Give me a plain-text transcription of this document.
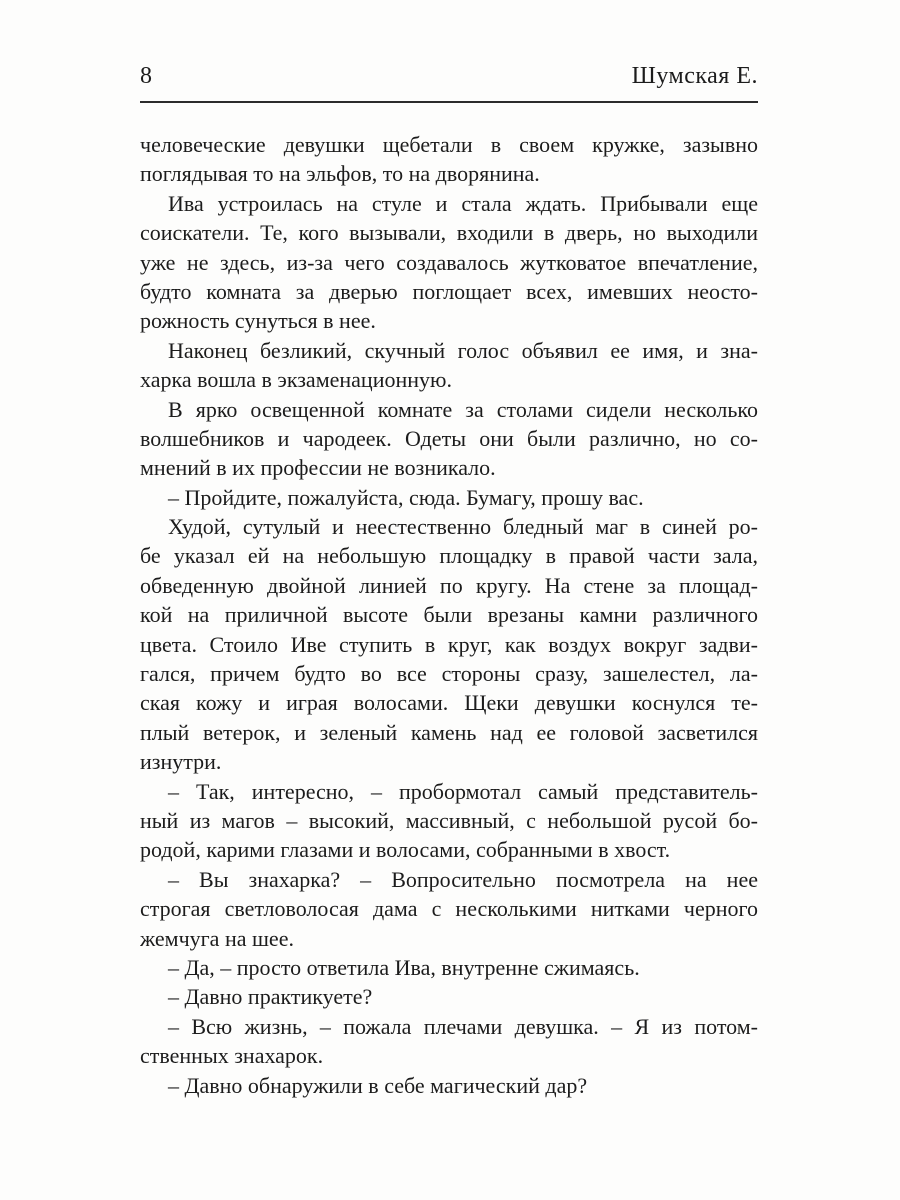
8	Шумская Е.
человеческие девушки щебетали в своем кружке, зазывно
поглядывая то на эльфов, то на дворянина.
Ива устроилась на стуле и стала ждать. Прибывали еще
соискатели. Те, кого вызывали, входили в дверь, но выходили
уже не здесь, из-за чего создавалось жутковатое впечатление,
будто комната за дверью поглощает всех, имевших неосто-
рожность сунуться в нее.
Наконец безликий, скучный голос объявил ее имя, и зна-
харка вошла в экзаменационную.
В ярко освещенной комнате за столами сидели несколько
волшебников и чародеек. Одеты они были различно, но со-
мнений в их профессии не возникало.
– Пройдите, пожалуйста, сюда. Бумагу, прошу вас.
Худой, сутулый и неестественно бледный маг в синей ро-
бе указал ей на небольшую площадку в правой части зала,
обведенную двойной линией по кругу. На стене за площад-
кой на приличной высоте были врезаны камни различного
цвета. Стоило Иве ступить в круг, как воздух вокруг задви-
гался, причем будто во все стороны сразу, зашелестел, ла-
ская кожу и играя волосами. Щеки девушки коснулся те-
плый ветерок, и зеленый камень над ее головой засветился
изнутри.
– Так, интересно, – пробормотал самый представитель-
ный из магов – высокий, массивный, с небольшой русой бо-
родой, карими глазами и волосами, собранными в хвост.
– Вы знахарка? – Вопросительно посмотрела на нее
строгая светловолосая дама с несколькими нитками черного
жемчуга на шее.
– Да, – просто ответила Ива, внутренне сжимаясь.
– Давно практикуете?
– Всю жизнь, – пожала плечами девушка. – Я из потом-
ственных знахарок.
– Давно обнаружили в себе магический дар?
